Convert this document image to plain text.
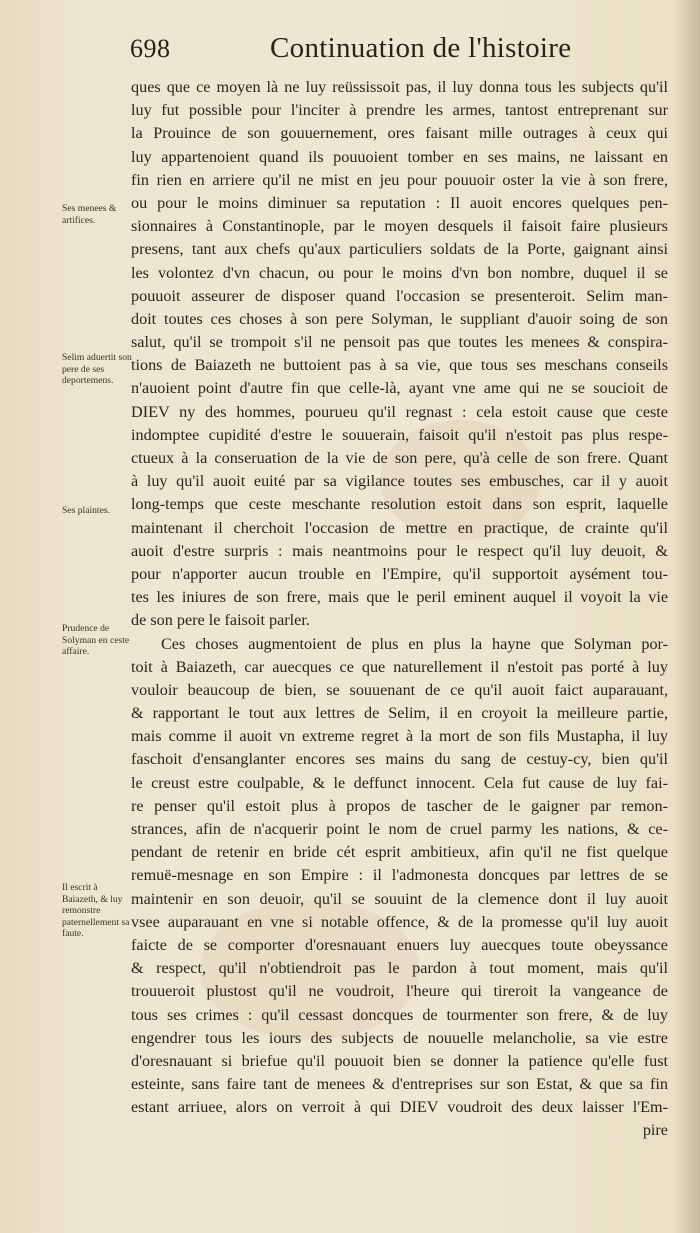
698	Continuation de l'histoire
Ses menees & artifices.
Selim aduertit son pere de ses deportemens.
Ses plaintes.
Prudence de Solyman en ceste affaire.
Il escrit à Baiazeth, & luy remonstre paternellement sa faute.
ques que ce moyen là ne luy reüssissoit pas, il luy donna tous les subjects qu'il
luy fut possible pour l'inciter à prendre les armes, tantost entreprenant sur
la Prouince de son gouuernement, ores faisant mille outrages à ceux qui
luy appartenoient quand ils pouuoient tomber en ses mains, ne laissant en
fin rien en arriere qu'il ne mist en jeu pour pouuoir oster la vie à son frere,
ou pour le moins diminuer sa reputation : Il auoit encores quelques pen-
sionnaires à Constantinople, par le moyen desquels il faisoit faire plusieurs
presens, tant aux chefs qu'aux particuliers soldats de la Porte, gaignant ainsi
les volontez d'vn chacun, ou pour le moins d'vn bon nombre, duquel il se
pouuoit asseurer de disposer quand l'occasion se presenteroit. Selim man-
doit toutes ces choses à son pere Solyman, le suppliant d'auoir soing de son
salut, qu'il se trompoit s'il ne pensoit pas que toutes les menees & conspira-
tions de Baiazeth ne buttoient pas à sa vie, que tous ses meschans conseils
n'auoient point d'autre fin que celle-là, ayant vne ame qui ne se soucioit de
DIEV ny des hommes, pourueu qu'il regnast : cela estoit cause que ceste
indomptee cupidité d'estre le souuerain, faisoit qu'il n'estoit pas plus respe-
ctueux à la conseruation de la vie de son pere, qu'à celle de son frere. Quant
à luy qu'il auoit euité par sa vigilance toutes ses embusches, car il y auoit
long-temps que ceste meschante resolution estoit dans son esprit, laquelle
maintenant il cherchoit l'occasion de mettre en practique, de crainte qu'il
auoit d'estre surpris : mais neantmoins pour le respect qu'il luy deuoit, &
pour n'apporter aucun trouble en l'Empire, qu'il supportoit aysément tou-
tes les iniures de son frere, mais que le peril eminent auquel il voyoit la vie
de son pere le faisoit parler.
Ces choses augmentoient de plus en plus la hayne que Solyman por-
toit à Baiazeth, car auecques ce que naturellement il n'estoit pas porté à luy
vouloir beaucoup de bien, se souuenant de ce qu'il auoit faict auparauant,
& rapportant le tout aux lettres de Selim, il en croyoit la meilleure partie,
mais comme il auoit vn extreme regret à la mort de son fils Mustapha, il luy
faschoit d'ensanglanter encores ses mains du sang de cestuy-cy, bien qu'il
le creust estre coulpable, & le deffunct innocent. Cela fut cause de luy fai-
re penser qu'il estoit plus à propos de tascher de le gaigner par remon-
strances, afin de n'acquerir point le nom de cruel parmy les nations, & ce-
pendant de retenir en bride cét esprit ambitieux, afin qu'il ne fist quelque
remuë-mesnage en son Empire : il l'admonesta doncques par lettres de se
maintenir en son deuoir, qu'il se souuint de la clemence dont il luy auoit
vsee auparauant en vne si notable offence, & de la promesse qu'il luy auoit
faicte de se comporter d'oresnauant enuers luy auecques toute obeyssance
& respect, qu'il n'obtiendroit pas le pardon à tout moment, mais qu'il
trouueroit plustost qu'il ne voudroit, l'heure qui tireroit la vangeance de
tous ses crimes : qu'il cessast doncques de tourmenter son frere, & de luy
engendrer tous les iours des subjects de nouuelle melancholie, sa vie estre
d'oresnauant si briefue qu'il pouuoit bien se donner la patience qu'elle fust
esteinte, sans faire tant de menees & d'entreprises sur son Estat, & que sa fin
estant arriuee, alors on verroit à qui DIEV voudroit des deux laisser l'Em-
pire
